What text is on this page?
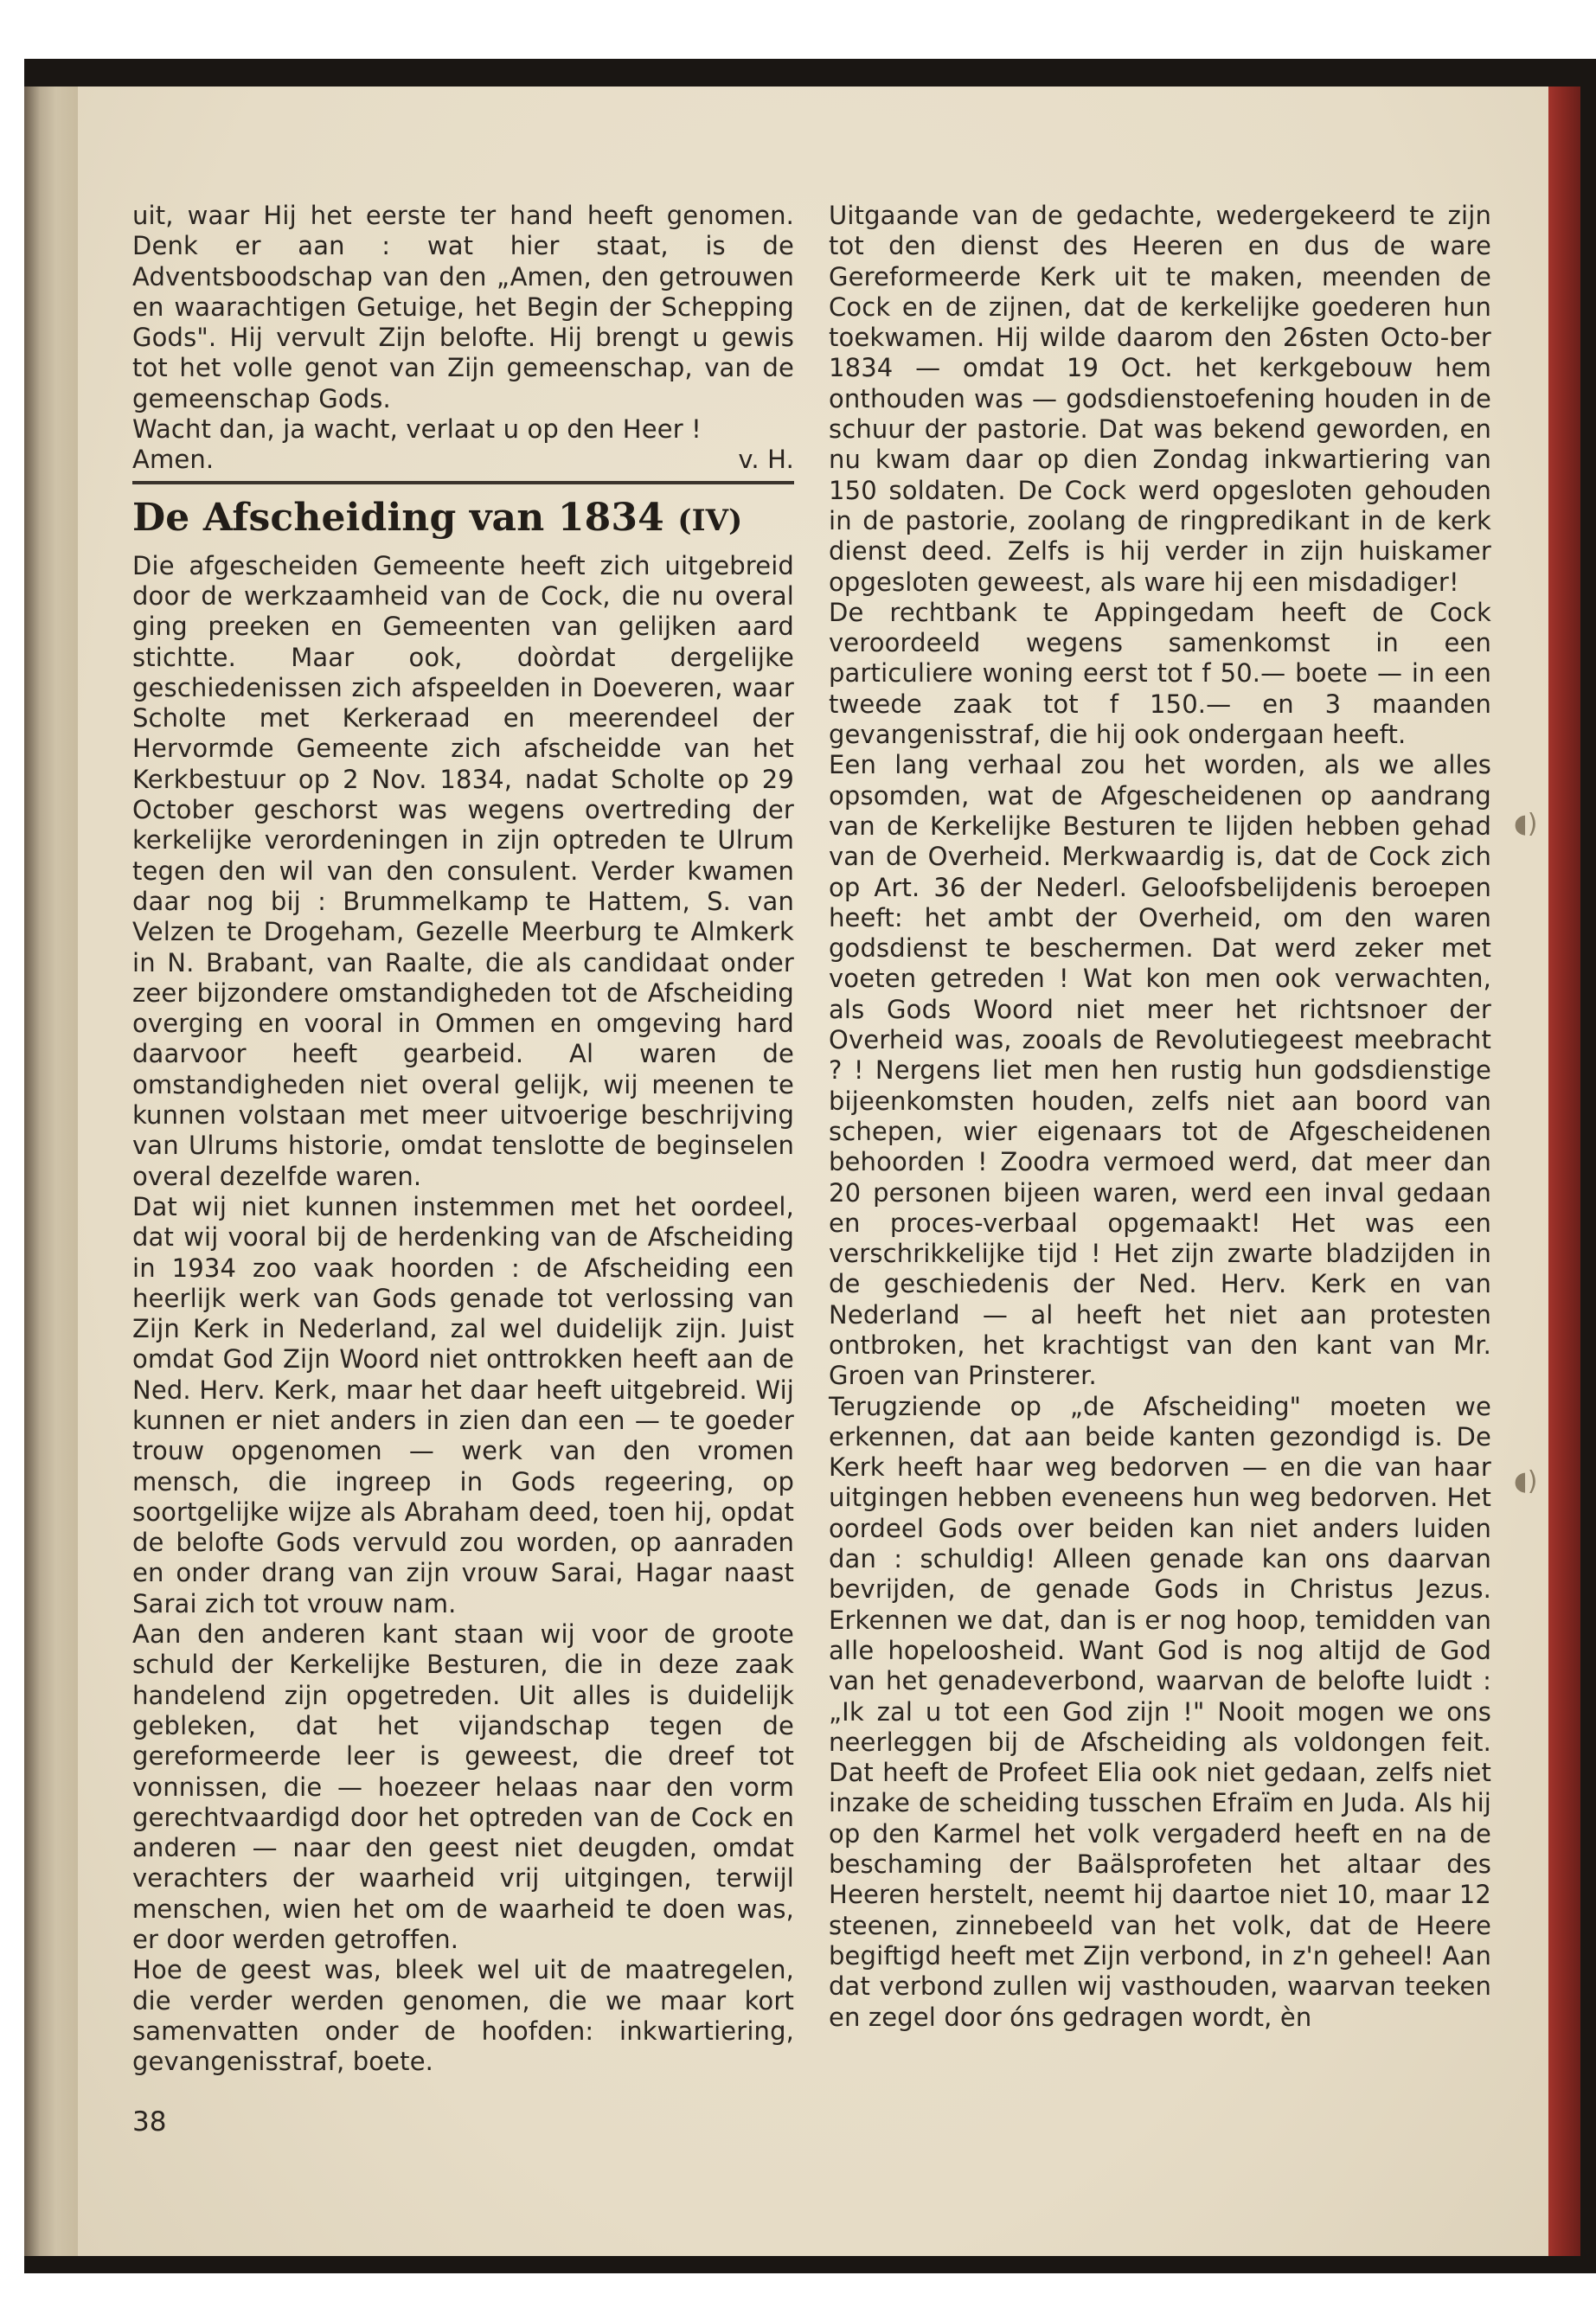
◖)
◖)

uit, waar Hij het eerste ter hand heeft genomen. Denk er aan : wat hier staat, is de Adventsboodschap van den „Amen, den getrouwen en waarachtigen Getuige, het Begin der Schepping Gods". Hij vervult Zijn belofte. Hij brengt u gewis tot het volle genot van Zijn gemeenschap, van de gemeenschap Gods.

Wacht dan, ja wacht, verlaat u op den Heer !

Amen.	v. H.
De Afscheiding van 1834 (IV)

Die afgescheiden Gemeente heeft zich uitgebreid door de werkzaamheid van de Cock, die nu overal ging preeken en Gemeenten van gelijken aard stichtte. Maar ook, doòrdat dergelijke geschiedenissen zich afspeelden in Doeveren, waar Scholte met Kerkeraad en meerendeel der Hervormde Gemeente zich afscheidde van het Kerkbestuur op 2 Nov. 1834, nadat Scholte op 29 October geschorst was wegens overtreding der kerkelijke verordeningen in zijn optreden te Ulrum tegen den wil van den consulent. Verder kwamen daar nog bij : Brummelkamp te Hattem, S. van Velzen te Drogeham, Gezelle Meerburg te Almkerk in N. Brabant, van Raalte, die als candidaat onder zeer bijzondere omstandigheden tot de Afscheiding overging en vooral in Ommen en omgeving hard daarvoor heeft gearbeid. Al waren de omstandigheden niet overal gelijk, wij meenen te kunnen volstaan met meer uitvoerige beschrijving van Ulrums historie, omdat tenslotte de beginselen overal dezelfde waren.

Dat wij niet kunnen instemmen met het oordeel, dat wij vooral bij de herdenking van de Afscheiding in 1934 zoo vaak hoorden : de Afscheiding een heerlijk werk van Gods genade tot verlossing van Zijn Kerk in Nederland, zal wel duidelijk zijn. Juist omdat God Zijn Woord niet onttrokken heeft aan de Ned. Herv. Kerk, maar het daar heeft uitgebreid. Wij kunnen er niet anders in zien dan een — te goeder trouw opgenomen — werk van den vromen mensch, die ingreep in Gods regeering, op soortgelijke wijze als Abraham deed, toen hij, opdat de belofte Gods vervuld zou worden, op aanraden en onder drang van zijn vrouw Sarai, Hagar naast Sarai zich tot vrouw nam.

Aan den anderen kant staan wij voor de groote schuld der Kerkelijke Besturen, die in deze zaak handelend zijn opgetreden. Uit alles is duidelijk gebleken, dat het vijandschap tegen de gereformeerde leer is geweest, die dreef tot vonnissen, die — hoezeer helaas naar den vorm gerechtvaardigd door het optreden van de Cock en anderen — naar den geest niet deugden, omdat verachters der waarheid vrij uitgingen, terwijl menschen, wien het om de waarheid te doen was, er door werden getroffen.

Hoe de geest was, bleek wel uit de maatregelen, die verder werden genomen, die we maar kort samenvatten onder de hoofden: inkwartiering, gevangenisstraf, boete.

38

Uitgaande van de gedachte, wedergekeerd te zijn tot den dienst des Heeren en dus de ware Gereformeerde Kerk uit te maken, meenden de Cock en de zijnen, dat de kerkelijke goederen hun toekwamen. Hij wilde daarom den 26sten Octo-ber 1834 — omdat 19 Oct. het kerkgebouw hem onthouden was — godsdienstoefening houden in de schuur der pastorie. Dat was bekend geworden, en nu kwam daar op dien Zondag inkwartiering van 150 soldaten. De Cock werd opgesloten gehouden in de pastorie, zoolang de ringpredikant in de kerk dienst deed. Zelfs is hij verder in zijn huiskamer opgesloten geweest, als ware hij een misdadiger!

De rechtbank te Appingedam heeft de Cock veroordeeld wegens samenkomst in een particuliere woning eerst tot f 50.— boete — in een tweede zaak tot f 150.— en 3 maanden gevangenisstraf, die hij ook ondergaan heeft.

Een lang verhaal zou het worden, als we alles opsomden, wat de Afgescheidenen op aandrang van de Kerkelijke Besturen te lijden hebben gehad van de Overheid. Merkwaardig is, dat de Cock zich op Art. 36 der Nederl. Geloofsbelijdenis beroepen heeft: het ambt der Overheid, om den waren godsdienst te beschermen. Dat werd zeker met voeten getreden ! Wat kon men ook verwachten, als Gods Woord niet meer het richtsnoer der Overheid was, zooals de Revolutiegeest meebracht ? ! Nergens liet men hen rustig hun godsdienstige bijeenkomsten houden, zelfs niet aan boord van schepen, wier eigenaars tot de Afgescheidenen behoorden ! Zoodra vermoed werd, dat meer dan 20 personen bijeen waren, werd een inval gedaan en proces-verbaal opgemaakt! Het was een verschrikkelijke tijd ! Het zijn zwarte bladzijden in de geschiedenis der Ned. Herv. Kerk en van Nederland — al heeft het niet aan protesten ontbroken, het krachtigst van den kant van Mr. Groen van Prinsterer.

Terugziende op „de Afscheiding" moeten we erkennen, dat aan beide kanten gezondigd is. De Kerk heeft haar weg bedorven — en die van haar uitgingen hebben eveneens hun weg bedorven. Het oordeel Gods over beiden kan niet anders luiden dan : schuldig! Alleen genade kan ons daarvan bevrijden, de genade Gods in Christus Jezus. Erkennen we dat, dan is er nog hoop, temidden van alle hopeloosheid. Want God is nog altijd de God van het genadeverbond, waarvan de belofte luidt : „Ik zal u tot een God zijn !" Nooit mogen we ons neerleggen bij de Afscheiding als voldongen feit. Dat heeft de Profeet Elia ook niet gedaan, zelfs niet inzake de scheiding tusschen Efraïm en Juda. Als hij op den Karmel het volk vergaderd heeft en na de beschaming der Baälsprofeten het altaar des Heeren herstelt, neemt hij daartoe niet 10, maar 12 steenen, zinnebeeld van het volk, dat de Heere begiftigd heeft met Zijn verbond, in z'n geheel! Aan dat verbond zullen wij vasthouden, waarvan teeken en zegel door óns gedragen wordt, èn
